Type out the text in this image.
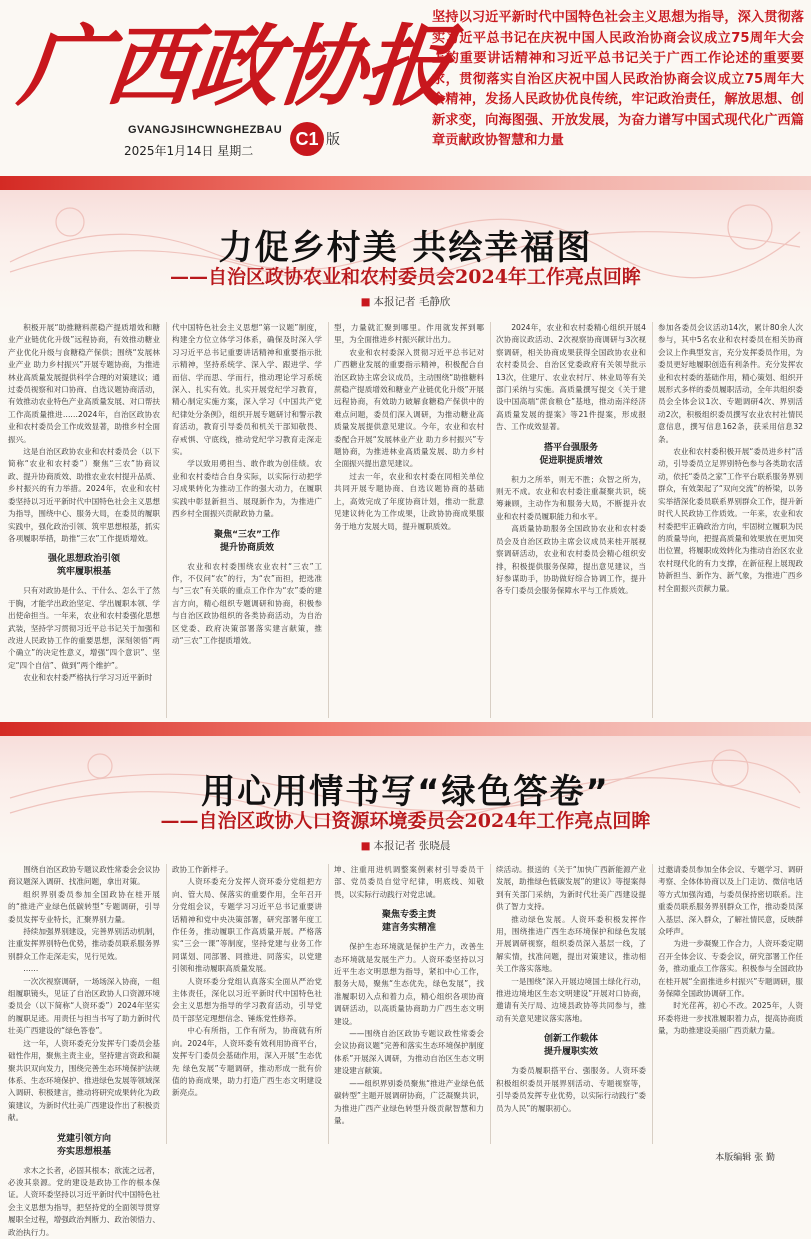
广西政协报
GVANGJSIHCWNGHEZBAU
2025年1月14日 星期二
C1 版
坚持以习近平新时代中国特色社会主义思想为指导，深入贯彻落实习近平总书记在庆祝中国人民政治协商会议成立75周年大会上的重要讲话精神和习近平总书记关于广西工作论述的重要要求，贯彻落实自治区庆祝中国人民政治协商会议成立75周年大会精神，发扬人民政协优良传统，牢记政治责任，解放思想、创新求变，向海图强、开放发展，为奋力谱写中国式现代化广西篇章贡献政协智慧和力量
力促乡村美 共绘幸福图
——自治区政协农业和农村委员会2024年工作亮点回眸
■ 本报记者 毛静欣

积极开展“助推糖料蔗稳产提质增效和糖业产业链优化升级”远程协商，有效推动糖业产业优化升级与食糖稳产保供；围绕“发展林业产业 助力乡村振兴”开展专题协商，为推进林业高质量发展提供科学合理的对策建议；通过委员视察和对口协商、自选议题协商活动，有效推动农业特色产业高质量发展、对口帮扶工作高质量推进……2024年，自治区政协农业和农村委员会工作成效显著，助推乡村全面振兴。

这是自治区政协农业和农村委员会（以下简称“农业和农村委”）聚焦“三农”协商议政、提升协商质效、助推农业农村提升品质、乡村振兴的有力举措。2024年，农业和农村委坚持以习近平新时代中国特色社会主义思想为指导，围绕中心、服务大局，在委员的履职实践中，强化政治引领、筑牢思想根基，抓实各项履职举措，助推“三农”工作提质增效。

强化思想政治引领
筑牢履职根基

只有对政协是什么、干什么、怎么干了然于胸，才能学出政治坚定、学出履职本领、学出使命担当。一年来，农业和农村委强化思想武装，坚持学习贯彻习近平总书记关于加强和改进人民政协工作的重要思想，深刻领悟“两个确立”的决定性意义，增强“四个意识”、坚定“四个自信”、做到“两个维护”。

农业和农村委严格执行学习习近平新时

代中国特色社会主义思想“第一议题”制度，构建全方位立体学习体系，确保及时深入学习习近平总书记重要讲话精神和重要指示批示精神，坚持系统学、深入学、跟进学、学而信、学而思、学而行，推动理论学习系统深入、扎实有效。扎实开展党纪学习教育，精心制定实施方案，深入学习《中国共产党纪律处分条例》，组织开展专题研讨和警示教育活动，教育引导委员和机关干部知敬畏、存戒惧、守底线，推动党纪学习教育走深走实。

学以致用勇担当、敢作敢为创佳绩。农业和农村委结合自身实际，以实际行动把学习成果转化为推动工作的强大动力，在履职实践中彰显新担当、展现新作为，为推进广西乡村全面振兴贡献政协力量。

聚焦“三农”工作
提升协商质效

农业和农村委围绕农业农村“三农”工作，不仅问“农”的行，为“农”而担，把选准与“三农”有关联的重点工作作为“农”委的建言方向，精心组织专题调研和协商，积极参与自治区政协组织的各类协商活动，为自治区党委、政府决策部署落实建言献策，推动“三农”工作提质增效。

型，力量就汇聚到哪里。作用就发挥到哪里，为全面推进乡村振兴献计出力。

农业和农村委深入贯彻习近平总书记对广西糖业发展的重要指示精神，积极配合自治区政协主席会议成员，主动围绕“助推糖料蔗稳产提质增效和糖业产业链优化升级”开展远程协商，有效助力破解食糖稳产保供中的难点问题，委员们深入调研，为推动糖业高质量发展提供意见建议。今年，农业和农村委配合开展“发展林业产业 助力乡村振兴”专题协商，为推进林业高质量发展、助力乡村全面振兴提出意见建议。

过去一年，农业和农村委在同相关单位共同开展专题协商、自选议题协商的基础上，高效完成了年度协商计划，推动一批意见建议转化为工作成果，让政协协商成果服务于地方发展大局，提升履职质效。

2024年，农业和农村委精心组织开展4次协商议政活动、2次视察协商调研与3次视察调研，相关协商成果获得全国政协农业和农村委员会、自治区党委政府有关领导批示13次，住建厅、农业农村厅、林业局等有关部门采纳与实施。高质量撰写提交《关于建设中国高端“蔗食粮仓”基地，推动南洋经济高质量发展的提案》等21件提案，形成报告、工作成效显著。

搭平台强服务
促进职提质增效

积力之所举，则无不胜；众智之所为，则无不成。农业和农村委注重凝聚共识，统筹兼顾，主动作为和服务大局，不断提升农业和农村委员履职能力和水平。

高质量协助服务全国政协农业和农村委员会及自治区政协主席会议成员来桂开展视察调研活动，农业和农村委员会精心组织安排，积极提供服务保障，提出意见建议，当好参谋助手，协助做好综合协调工作，提升各专门委员会服务保障水平与工作质效。

参加各委员会议活动14次，累计80余人次参与，其中5名农业和农村委员在相关协商会议上作典型发言，充分发挥委员作用，为委员更好地履职创造有利条件。充分发挥农业和农村委的基础作用，精心策划、组织开展形式多样的委员履职活动，全年共组织委员会全体会议1次、专题调研4次、界别活动2次，积极组织委员撰写农业农村社情民意信息，撰写信息162条，获采用信息32条。

农业和农村委积极开展“委员进乡村”活动，引导委员立足界别特色参与各类助农活动，依托“委员之家”工作平台联系服务界别群众，有效架起了“双向交流”的桥梁，以务实举措深化委员联系界别群众工作，提升新时代人民政协工作质效。一年来，农业和农村委把牢正确政治方向，牢固树立履职为民的质量导向，把提高质量和效果放在更加突出位置，将履职成效转化为推动自治区农业农村现代化的有力支撑，在新征程上展现政协新担当、新作为、新气象，为推进广西乡村全面振兴贡献力量。

用心用情书写“绿色答卷”
——自治区政协人口资源环境委员会2024年工作亮点回眸
■ 本报记者 张晓晨

围绕自治区政协专题议政性常委会会议协商议题深入调研、找准问题，拿出对策。

组织界别委员参加全国政协在桂开展的“推进产业绿色低碳转型”专题调研，引导委员发挥专业特长，汇聚界别力量。

持续加强界别建设，完善界别活动机制，注重发挥界别特色优势，推动委员联系服务界别群众工作走深走实，见行见效。

……

一次次视察调研，一场场深入协商，一组组履职镜头，见证了自治区政协人口资源环境委员会（以下简称“人资环委”）2024年坚实的履职足迹。用责任与担当书写了助力新时代壮美广西建设的“绿色答卷”。

这一年，人资环委充分发挥专门委员会基础性作用，聚焦主责主业，坚持建言资政和凝聚共识双向发力，围绕完善生态环境保护法规体系、生态环境保护、推进绿色发展等领域深入调研、积极建言，推动将研究成果转化为政策建议，为新时代壮美广西建设作出了积极贡献。

党建引领方向
夯实思想根基

求木之长者，必固其根本；欲流之远者，必浚其泉源。党的建设是政协工作的根本保证。人资环委坚持以习近平新时代中国特色社会主义思想为指导，把坚持党的全面领导贯穿履职全过程，增强政治判断力、政治领悟力、政治执行力。

政协工作新样子。

人资环委充分发挥人资环委分党组把方向、管大局、保落实的重要作用，全年召开分党组会议，专题学习习近平总书记重要讲话精神和党中央决策部署，研究部署年度工作任务，推动履职工作高质量开展。严格落实“三会一课”等制度，坚持党建与业务工作同谋划、同部署、同推进、同落实，以党建引领和推动履职高质量发展。

人资环委分党组认真落实全面从严治党主体责任，深化以习近平新时代中国特色社会主义思想为指导的学习教育活动，引导党员干部坚定理想信念、锤炼党性修养。

中心有所指，工作有所为，协商就有所向。2024年，人资环委有效利用协商平台，发挥专门委员会基础作用，深入开展“生态优先 绿色发展”专题调研，推动形成一批有价值的协商成果，助力打造广西生态文明建设新亮点。

坤、注重用进机调整案例素材引导委员干部、党员委员自觉守纪律，明底线、知敬畏，以实际行动践行对党忠诚。

聚焦专委主责
建言务实精准

保护生态环境就是保护生产力，改善生态环境就是发展生产力。人资环委坚持以习近平生态文明思想为指导，紧扣中心工作，服务大局，聚焦“生态优先，绿色发展”，找准履职切入点和着力点，精心组织各项协商调研活动，以高质量协商助力广西生态文明建设。

——围绕自治区政协专题议政性常委会会议协商议题“完善和落实生态环境保护制度体系”开展深入调研，为推动自治区生态文明建设建言献策。

——组织界别委员聚焦“推进产业绿色低碳转型”主题开展调研协商，广泛凝聚共识，为推进广西产业绿色转型升级贡献智慧和力量。

续活动。报送的《关于“加快广西新能源产业发展，助推绿色低碳发展”的建议》等提案得到有关部门采纳，为新时代壮美广西建设提供了智力支持。

推动绿色发展。人资环委积极发挥作用，围绕推进广西生态环境保护和绿色发展开展调研视察，组织委员深入基层一线，了解实情，找准问题，提出对策建议，推动相关工作落实落地。

一是围绕“深入开展边境国土绿化行动，推进边境地区生态文明建设”开展对口协商，邀请有关厅局、边境县政协等共同参与，推动有关意见建议落实落地。

创新工作载体
提升履职实效

为委员履职搭平台、强服务。人资环委积极组织委员开展界别活动、专题视察等，引导委员发挥专业优势，以实际行动践行“委员为人民”的履职初心。

过邀请委员参加全体会议、专题学习、调研考察、全体体协商以及上门走访、微信电话等方式加强沟通，与委员保持密切联系。注重委员联系服务界别群众工作，推动委员深入基层、深入群众，了解社情民意，反映群众呼声。

为进一步凝聚工作合力，人资环委定期召开全体会议、专委会议，研究部署工作任务，推动重点工作落实。积极参与全国政协在桂开展“全面推进乡村振兴”专题调研，服务保障全国政协调研工作。

时光荏苒，初心不改。2025年，人资环委将进一步找准履职着力点，提高协商质量，为助推建设美丽广西贡献力量。

本版编辑 张 勤
